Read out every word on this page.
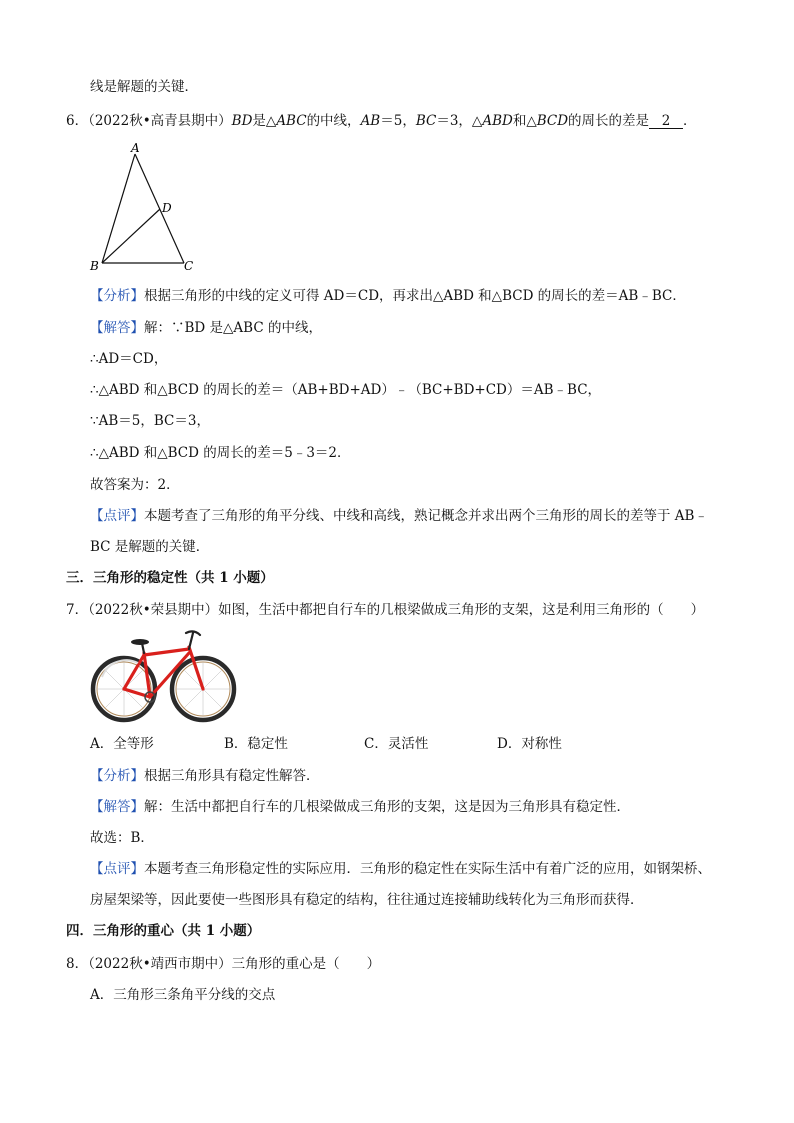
线是解题的关键．
6．（2022秋•高青县期中）BD是△ABC的中线，AB＝5，BC＝3，△ABD和△BCD的周长的差是 2 ．
A
D
B	C
【分析】根据三角形的中线的定义可得 AD＝CD，再求出△ABD 和△BCD 的周长的差＝AB﹣BC．
【解答】解：∵BD 是△ABC 的中线，
∴AD＝CD，
∴△ABD 和△BCD 的周长的差＝（AB+BD+AD）﹣（BC+BD+CD）＝AB﹣BC，
∵AB＝5，BC＝3，
∴△ABD 和△BCD 的周长的差＝5﹣3＝2．
故答案为：2．
【点评】本题考查了三角形的角平分线、中线和高线，熟记概念并求出两个三角形的周长的差等于 AB﹣
BC 是解题的关键．
三．三角形的稳定性（共 1 小题）
7．（2022秋•荣县期中）如图，生活中都把自行车的几根梁做成三角形的支架，这是利用三角形的（　　）
A．全等形	B．稳定性	C．灵活性	D．对称性
【分析】根据三角形具有稳定性解答．
【解答】解：生活中都把自行车的几根梁做成三角形的支架，这是因为三角形具有稳定性．
故选：B．
【点评】本题考查三角形稳定性的实际应用．三角形的稳定性在实际生活中有着广泛的应用，如钢架桥、
房屋架梁等，因此要使一些图形具有稳定的结构，往往通过连接辅助线转化为三角形而获得．
四．三角形的重心（共 1 小题）
8．（2022秋•靖西市期中）三角形的重心是（　　）
A．三角形三条角平分线的交点
